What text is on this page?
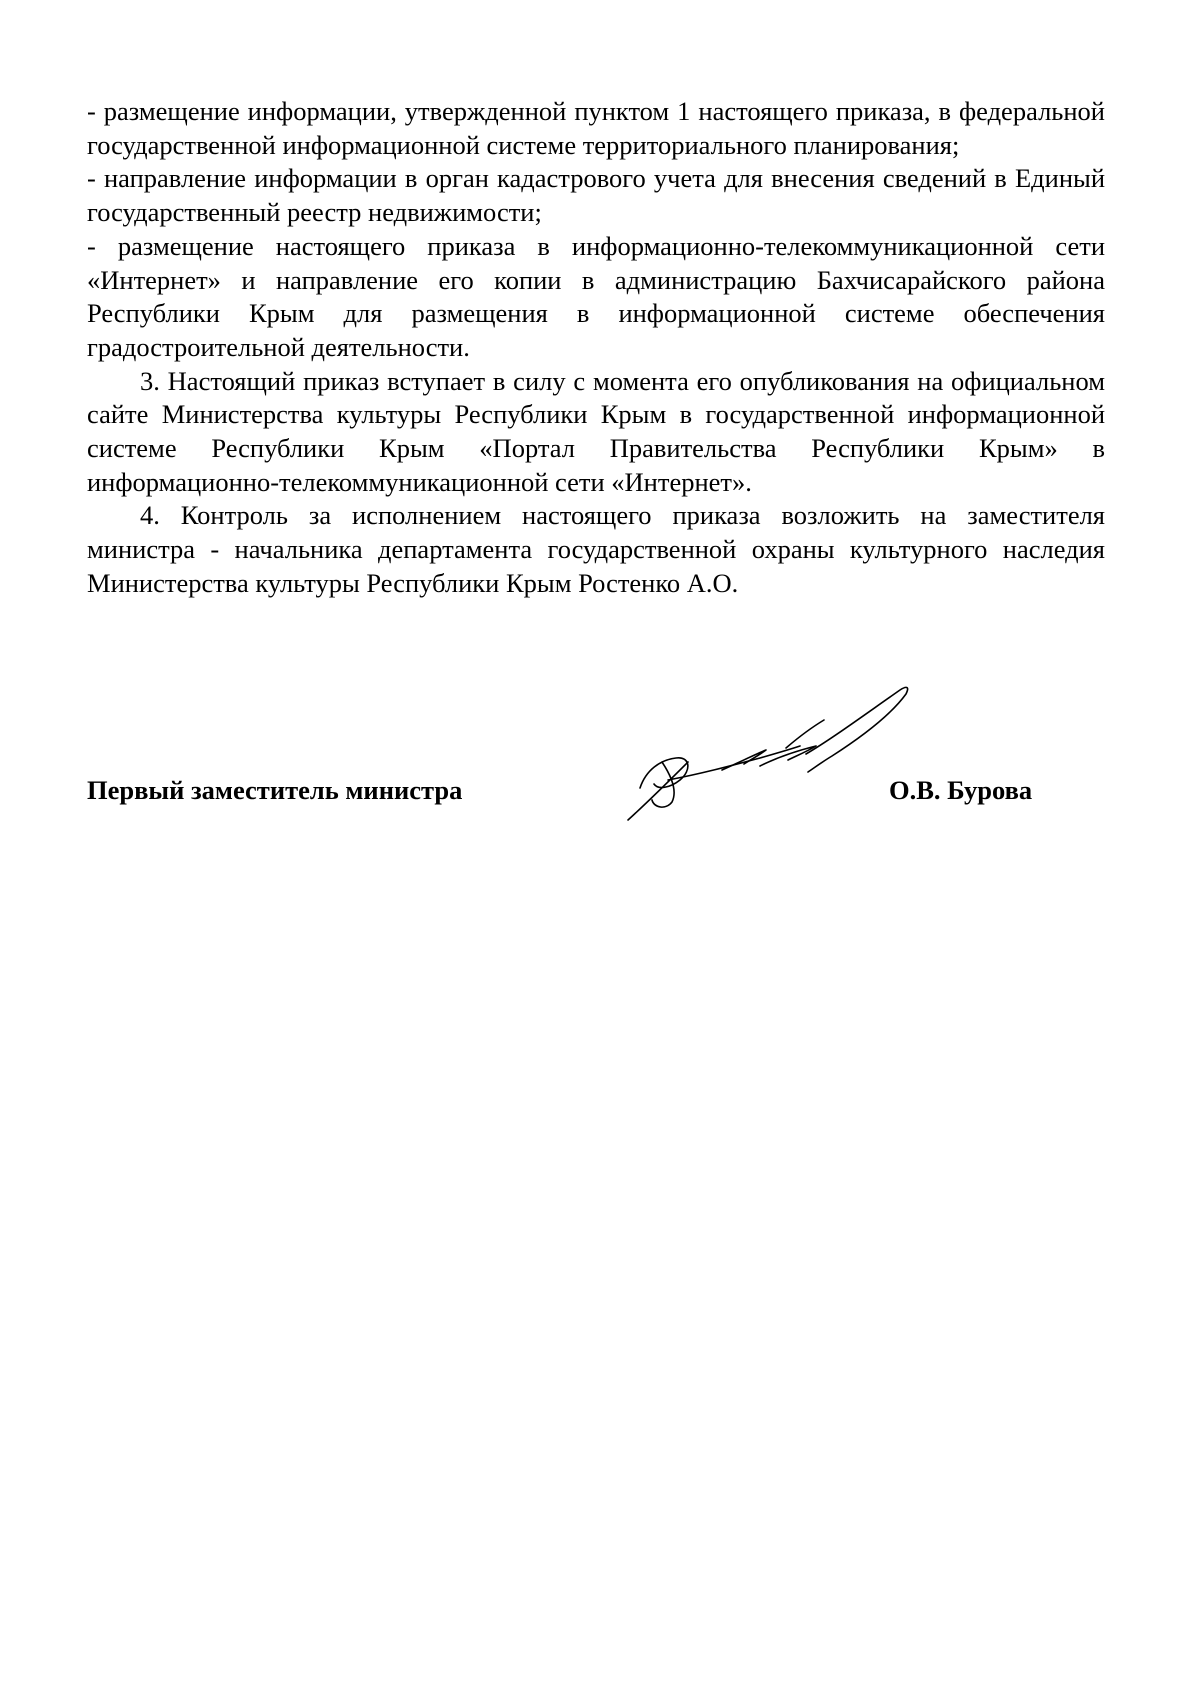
- размещение информации, утвержденной пунктом 1 настоящего приказа, в федеральной государственной информационной системе территориального планирования;

- направление информации в орган кадастрового учета для внесения сведений в Единый государственный реестр недвижимости;

- размещение настоящего приказа в информационно-телекоммуникационной сети «Интернет» и направление его копии в администрацию Бахчисарайского района Республики Крым для размещения в информационной системе обеспечения градостроительной деятельности.

3. Настоящий приказ вступает в силу с момента его опубликования на официальном сайте Министерства культуры Республики Крым в государственной информационной системе Республики Крым «Портал Правительства Республики Крым» в информационно-телекоммуникационной сети «Интернет».

4. Контроль за исполнением настоящего приказа возложить на заместителя министра - начальника департамента государственной охраны культурного наследия Министерства культуры Республики Крым Ростенко А.О.

Первый заместитель министра	О.В. Бурова
